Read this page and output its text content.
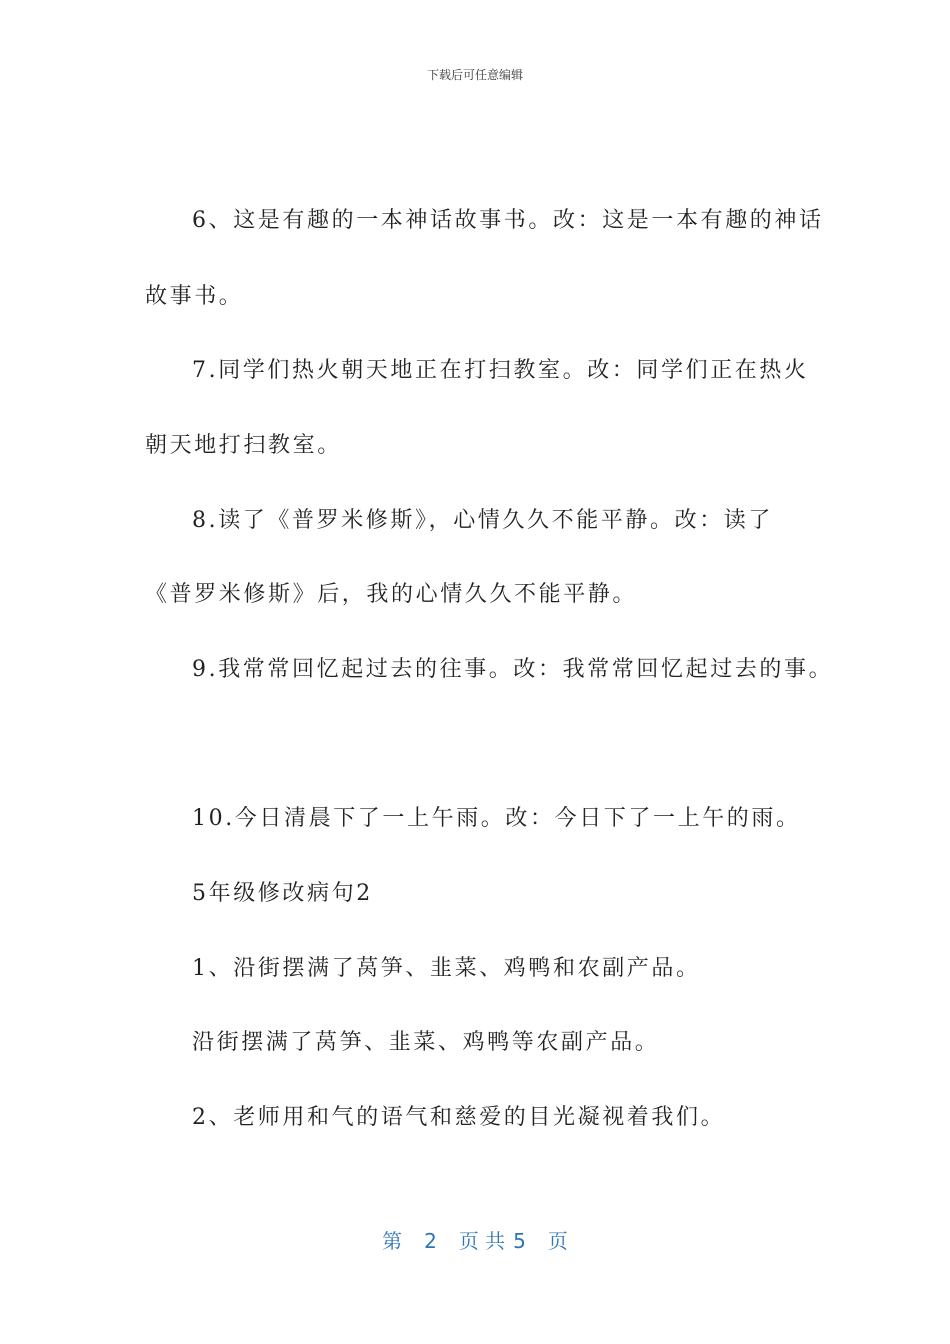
下载后可任意编辑
6、这是有趣的一本神话故事书。改：这是一本有趣的神话
故事书。
7.同学们热火朝天地正在打扫教室。改：同学们正在热火
朝天地打扫教室。
8.读了《普罗米修斯》，心情久久不能平静。改：读了
《普罗米修斯》后，我的心情久久不能平静。
9.我常常回忆起过去的往事。改：我常常回忆起过去的事。
10.今日清晨下了一上午雨。改：今日下了一上午的雨。
5年级修改病句2
1、沿街摆满了莴笋、韭菜、鸡鸭和农副产品。
沿街摆满了莴笋、韭菜、鸡鸭等农副产品。
2、老师用和气的语气和慈爱的目光凝视着我们。
第 2 页 共 5 页
